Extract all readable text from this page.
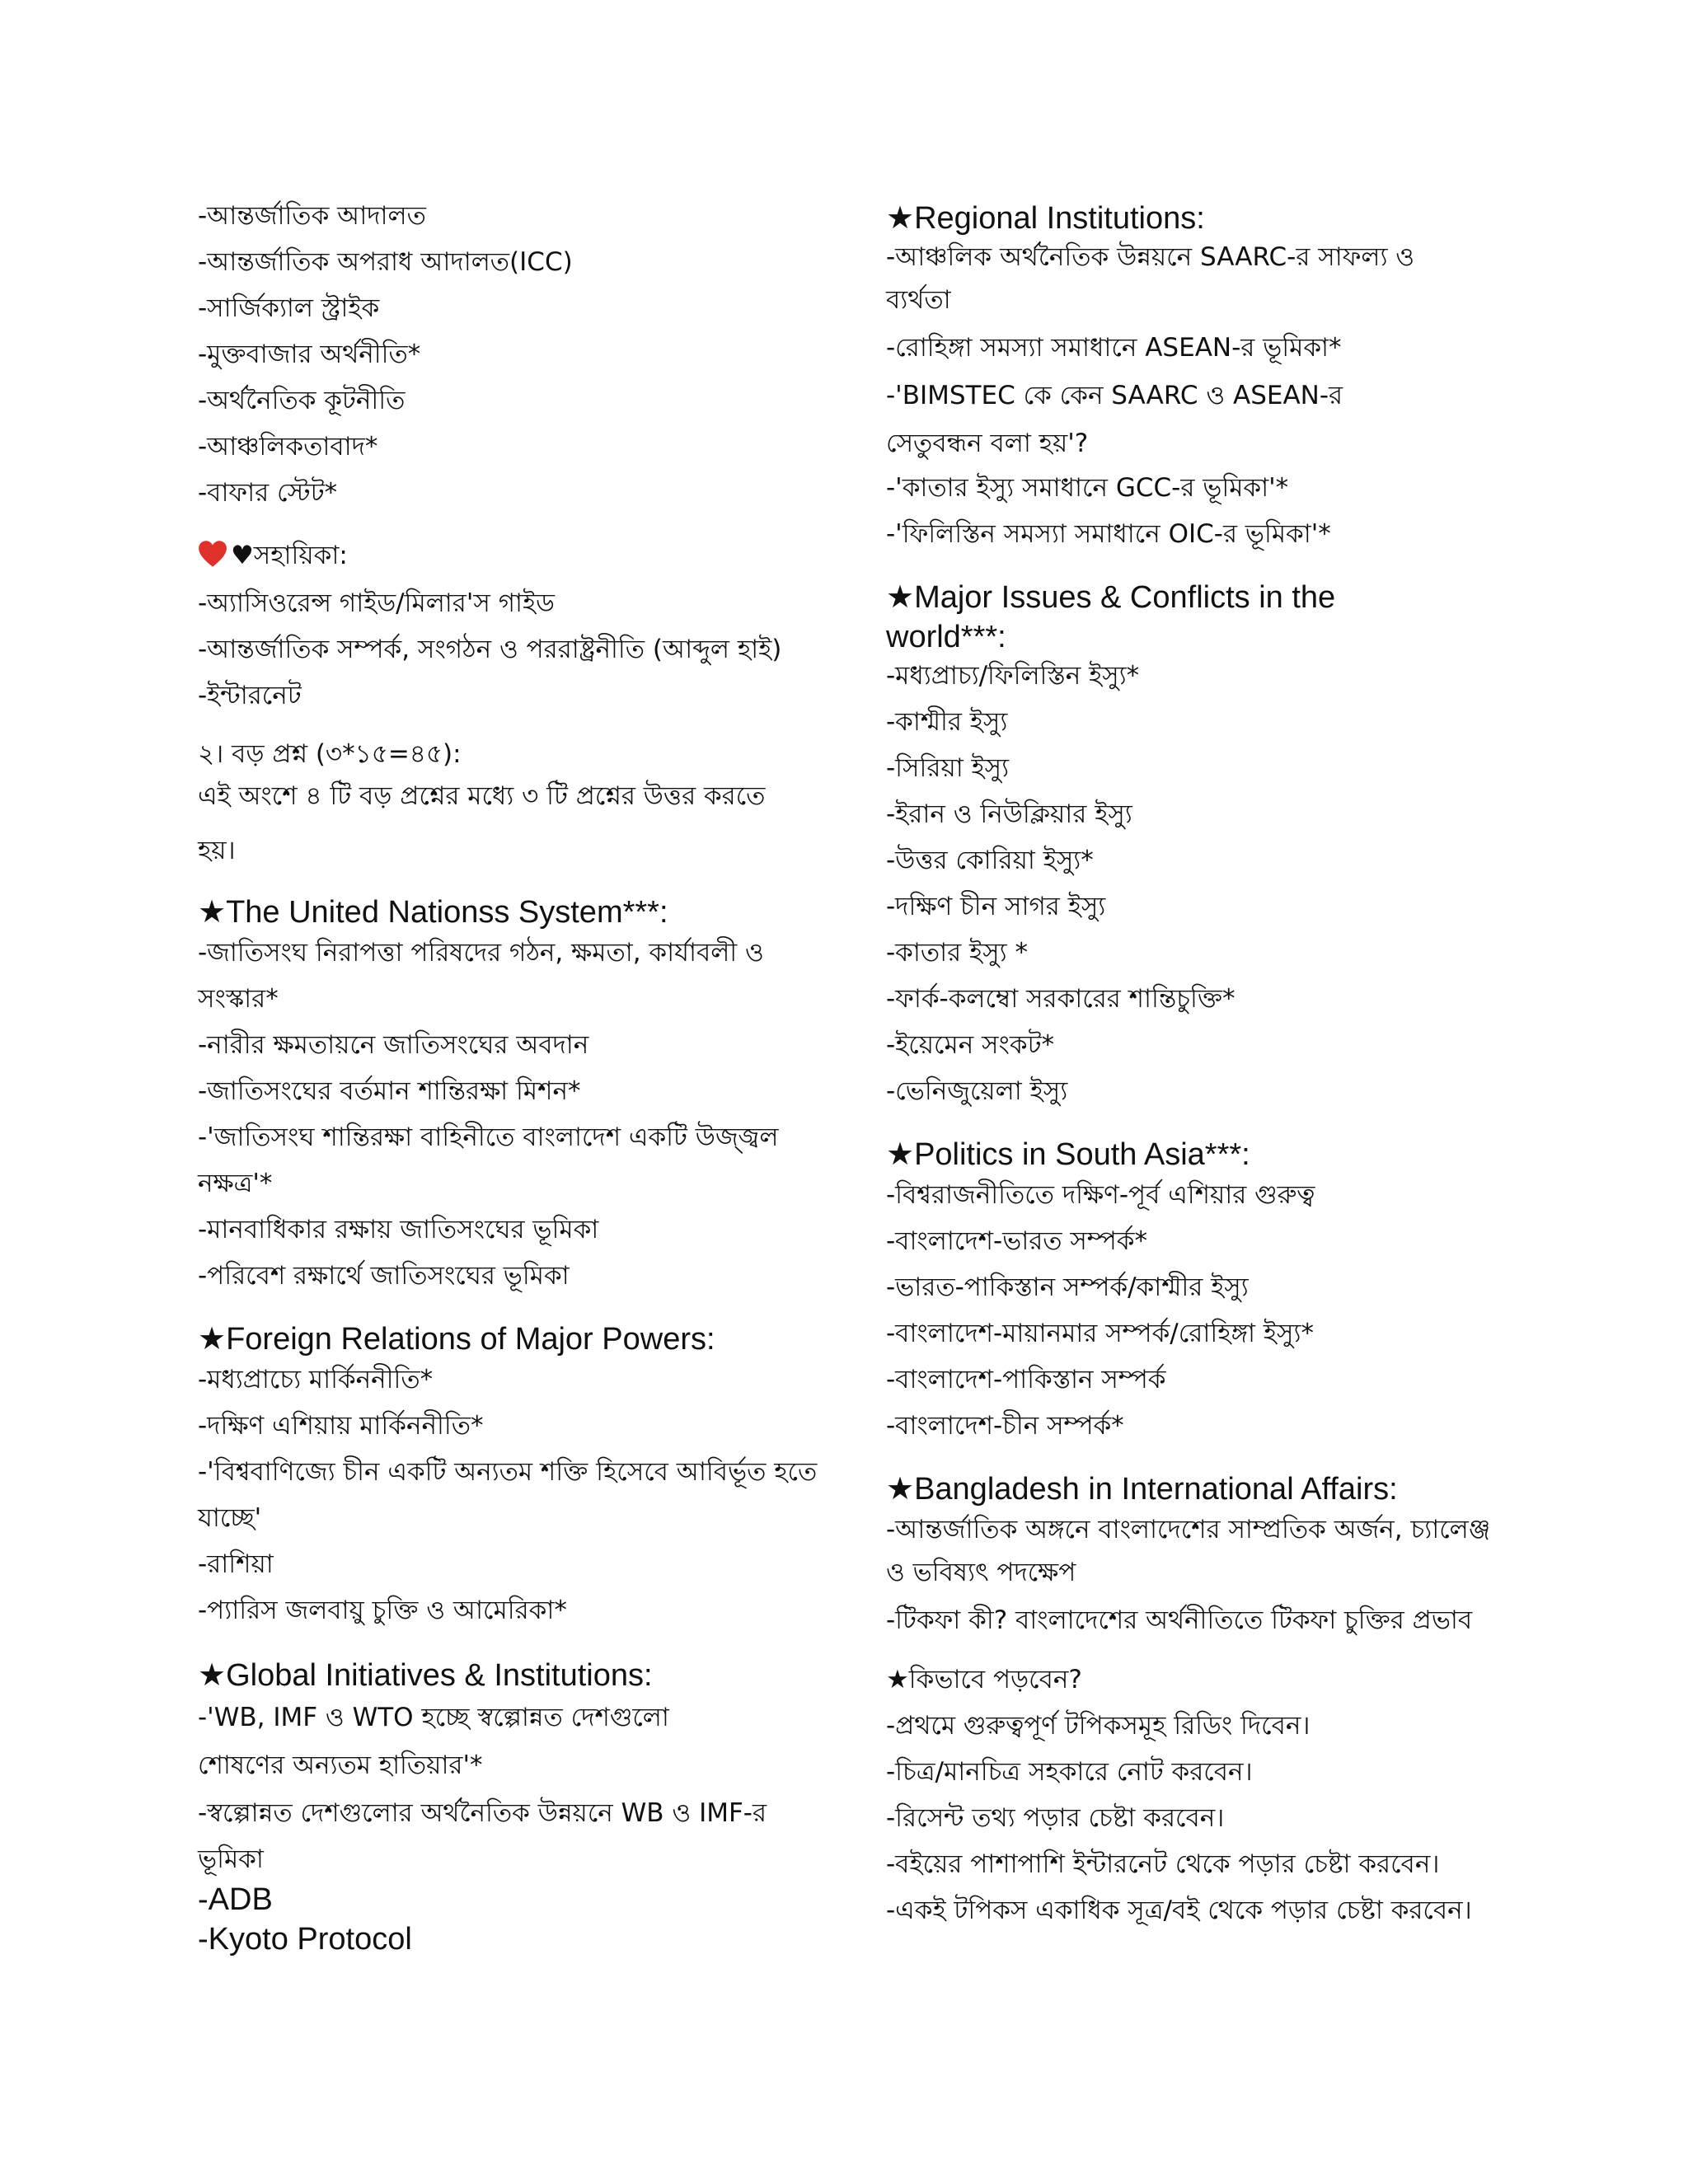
-আন্তর্জাতিক আদালত
-আন্তর্জাতিক অপরাধ আদালত(ICC)
-সার্জিক্যাল স্ট্রাইক
-মুক্তবাজার অর্থনীতি*
-অর্থনৈতিক কূটনীতি
-আঞ্চলিকতাবাদ*
-বাফার স্টেট*
♥সহায়িকা:
-অ্যাসিওরেন্স গাইড/মিলার'স গাইড
-আন্তর্জাতিক সম্পর্ক, সংগঠন ও পররাষ্ট্রনীতি (আব্দুল হাই)
-ইন্টারনেট
২। বড় প্রশ্ন (৩*১৫=৪৫):
এই অংশে ৪ টি বড় প্রশ্নের মধ্যে ৩ টি প্রশ্নের উত্তর করতে
হয়।
★The United Nationss System***:
-জাতিসংঘ নিরাপত্তা পরিষদের গঠন, ক্ষমতা, কার্যাবলী ও
সংস্কার*
-নারীর ক্ষমতায়নে জাতিসংঘের অবদান
-জাতিসংঘের বর্তমান শান্তিরক্ষা মিশন*
-'জাতিসংঘ শান্তিরক্ষা বাহিনীতে বাংলাদেশ একটি উজ্জ্বল
নক্ষত্র'*
-মানবাধিকার রক্ষায় জাতিসংঘের ভূমিকা
-পরিবেশ রক্ষার্থে জাতিসংঘের ভূমিকা
★Foreign Relations of Major Powers:
-মধ্যপ্রাচ্যে মার্কিননীতি*
-দক্ষিণ এশিয়ায় মার্কিননীতি*
-'বিশ্ববাণিজ্যে চীন একটি অন্যতম শক্তি হিসেবে আবির্ভূত হতে
যাচ্ছে'
-রাশিয়া
-প্যারিস জলবায়ু চুক্তি ও আমেরিকা*
★Global Initiatives & Institutions:
-'WB, IMF ও WTO হচ্ছে স্বল্পোন্নত দেশগুলো
শোষণের অন্যতম হাতিয়ার'*
-স্বল্পোন্নত দেশগুলোর অর্থনৈতিক উন্নয়নে WB ও IMF-র
ভূমিকা
-ADB
-Kyoto Protocol
★Regional Institutions:
-আঞ্চলিক অর্থনৈতিক উন্নয়নে SAARC-র সাফল্য ও
ব্যর্থতা
-রোহিঙ্গা সমস্যা সমাধানে ASEAN-র ভূমিকা*
-'BIMSTEC কে কেন SAARC ও ASEAN-র
সেতুবন্ধন বলা হয়'?
-'কাতার ইস্যু সমাধানে GCC-র ভূমিকা'*
-'ফিলিস্তিন সমস্যা সমাধানে OIC-র ভূমিকা'*
★Major Issues & Conflicts in the
world***:
-মধ্যপ্রাচ্য/ফিলিস্তিন ইস্যু*
-কাশ্মীর ইস্যু
-সিরিয়া ইস্যু
-ইরান ও নিউক্লিয়ার ইস্যু
-উত্তর কোরিয়া ইস্যু*
-দক্ষিণ চীন সাগর ইস্যু
-কাতার ইস্যু *
-ফার্ক-কলম্বো সরকারের শান্তিচুক্তি*
-ইয়েমেন সংকট*
-ভেনিজুয়েলা ইস্যু
★Politics in South Asia***:
-বিশ্বরাজনীতিতে দক্ষিণ-পূর্ব এশিয়ার গুরুত্ব
-বাংলাদেশ-ভারত সম্পর্ক*
-ভারত-পাকিস্তান সম্পর্ক/কাশ্মীর ইস্যু
-বাংলাদেশ-মায়ানমার সম্পর্ক/রোহিঙ্গা ইস্যু*
-বাংলাদেশ-পাকিস্তান সম্পর্ক
-বাংলাদেশ-চীন সম্পর্ক*
★Bangladesh in International Affairs:
-আন্তর্জাতিক অঙ্গনে বাংলাদেশের সাম্প্রতিক অর্জন, চ্যালেঞ্জ
ও ভবিষ্যৎ পদক্ষেপ
-টিকফা কী? বাংলাদেশের অর্থনীতিতে টিকফা চুক্তির প্রভাব
★কিভাবে পড়বেন?
-প্রথমে গুরুত্বপূর্ণ টপিকসমূহ রিডিং দিবেন।
-চিত্র/মানচিত্র সহকারে নোট করবেন।
-রিসেন্ট তথ্য পড়ার চেষ্টা করবেন।
-বইয়ের পাশাপাশি ইন্টারনেট থেকে পড়ার চেষ্টা করবেন।
-একই টপিকস একাধিক সূত্র/বই থেকে পড়ার চেষ্টা করবেন।
